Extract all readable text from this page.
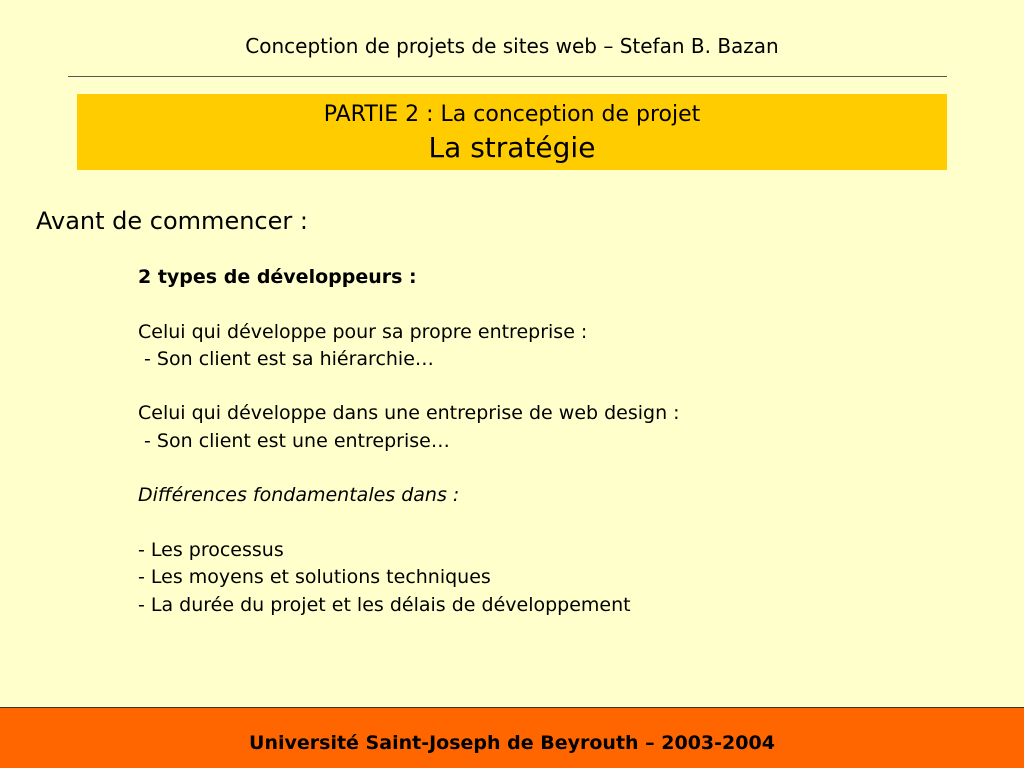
Conception de projets de sites web – Stefan B. Bazan
PARTIE 2 : La conception de projet
La stratégie
Avant de commencer :
2 types de développeurs :
Celui qui développe pour sa propre entreprise :
- Son client est sa hiérarchie…
Celui qui développe dans une entreprise de web design :
- Son client est une entreprise…
Différences fondamentales dans :
- Les processus
- Les moyens et solutions techniques
- La durée du projet et les délais de développement
Université Saint-Joseph de Beyrouth – 2003-2004
